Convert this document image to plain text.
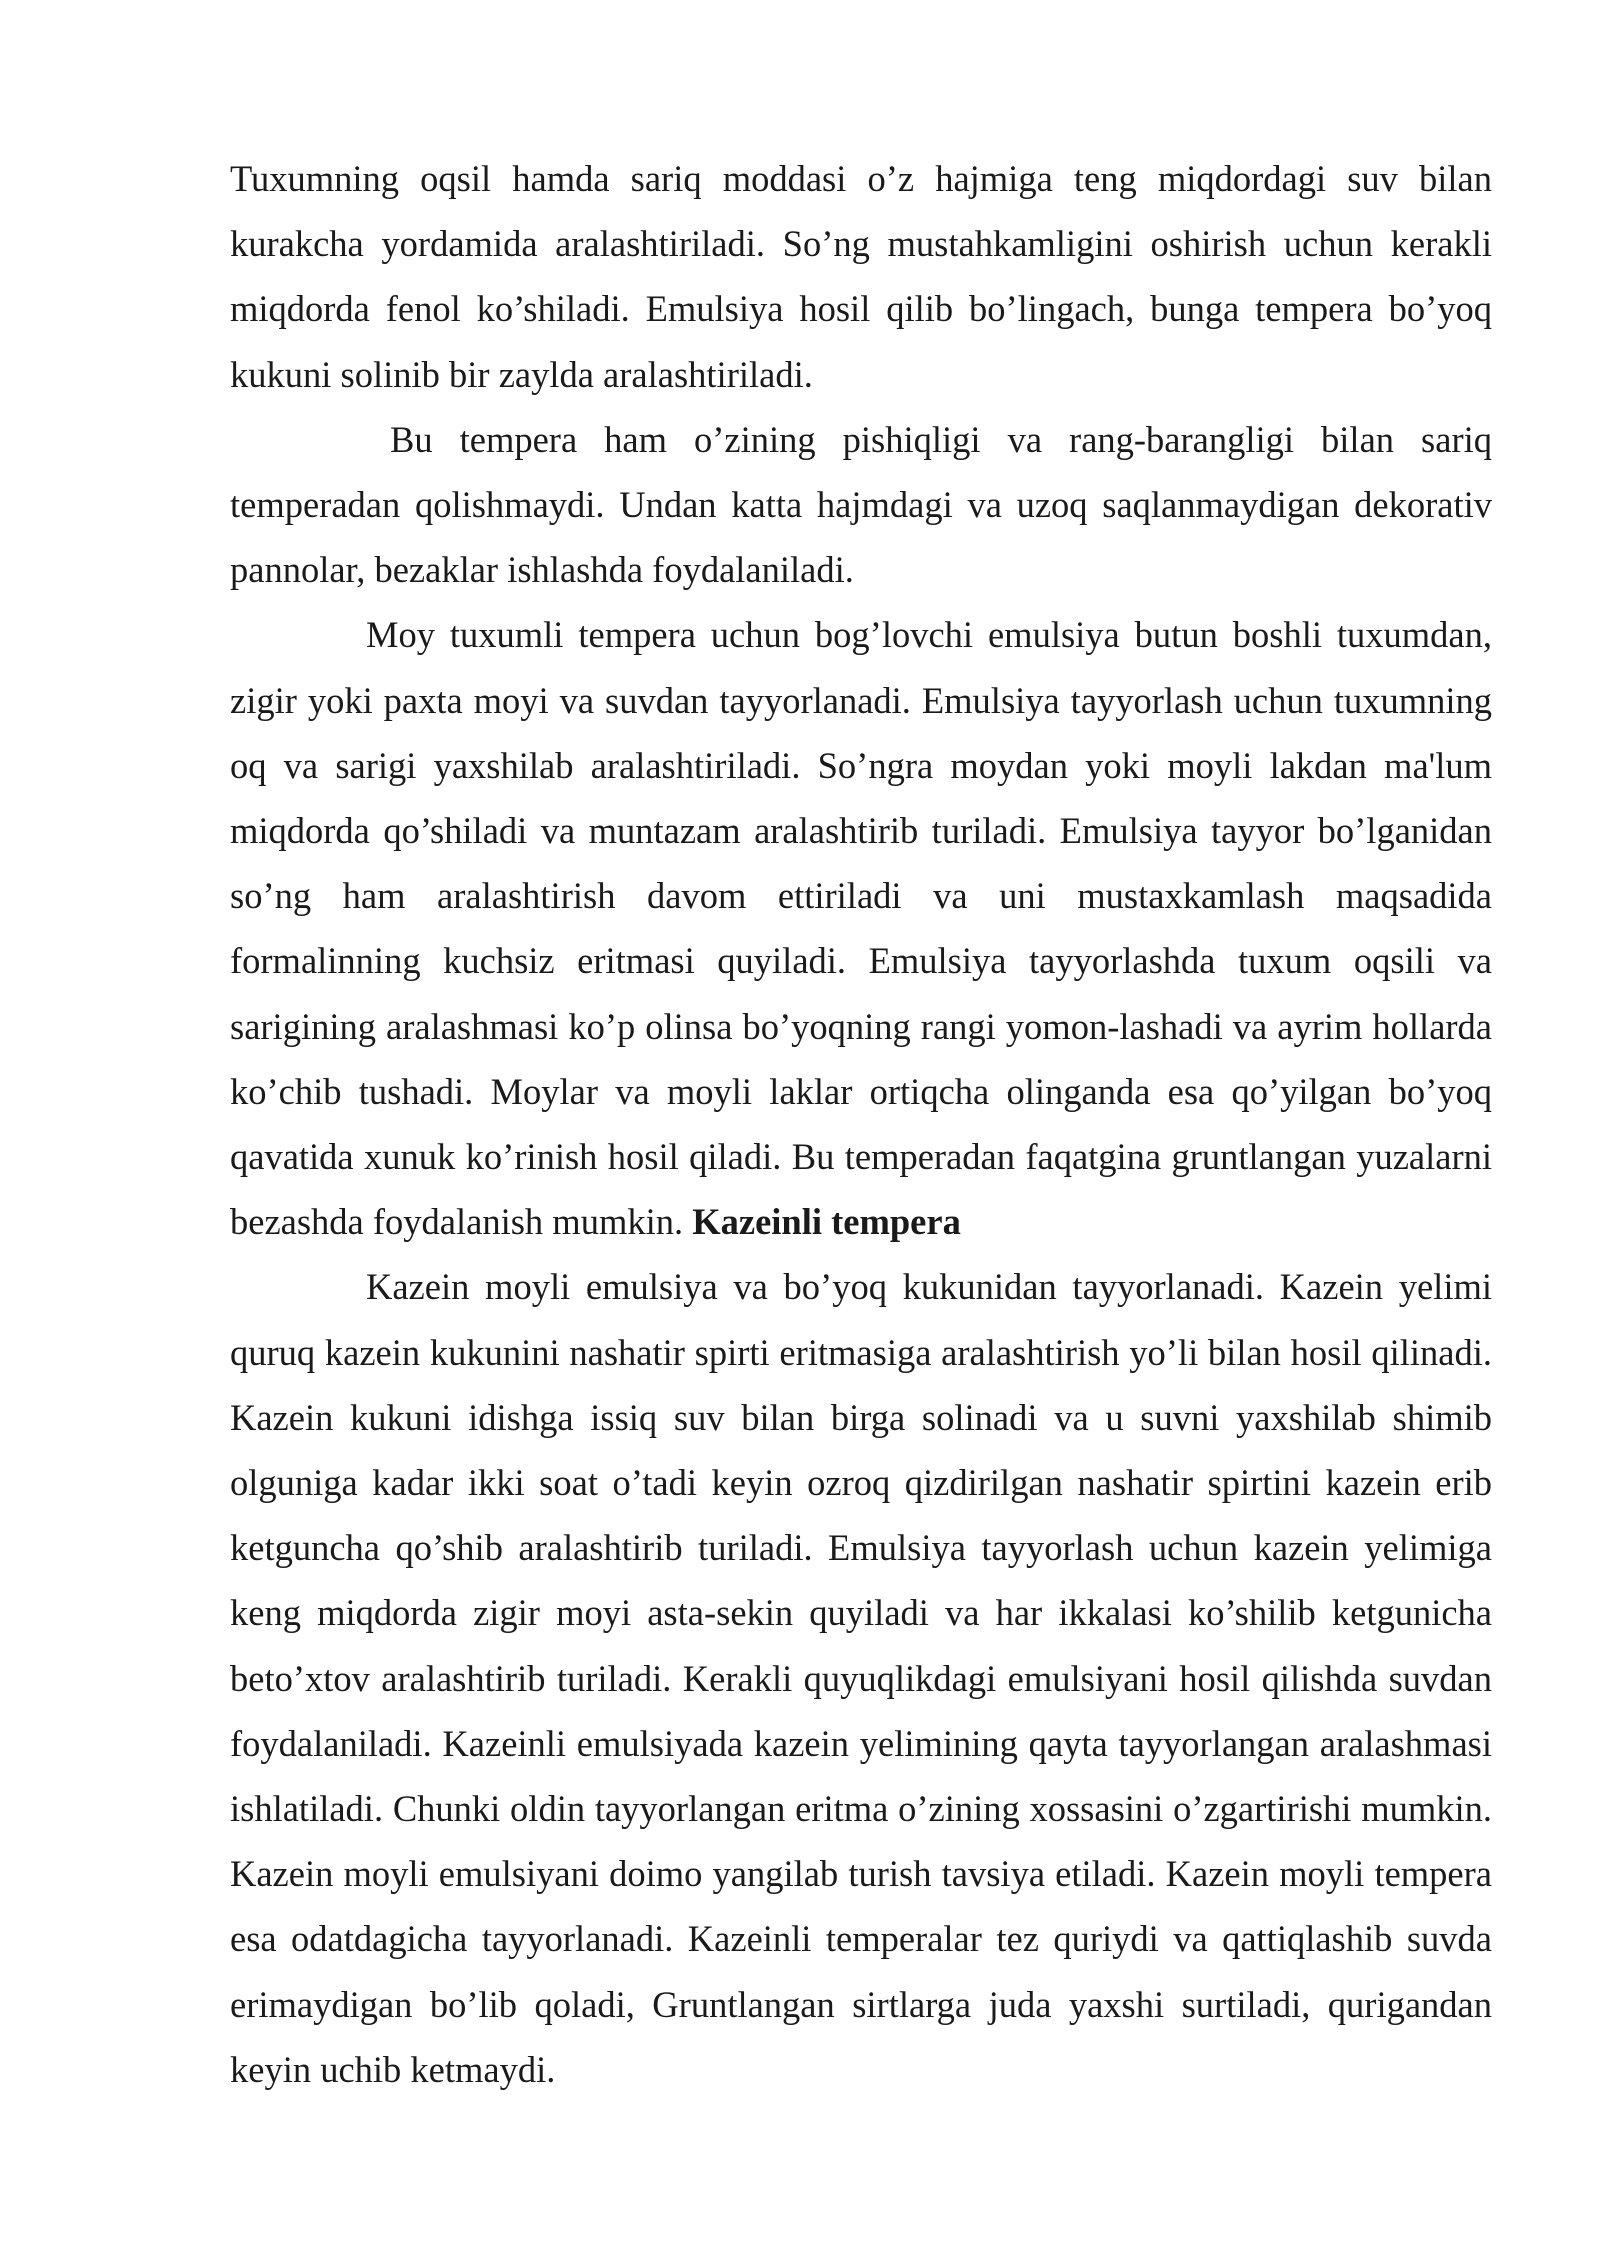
Tuxumning oqsil hamda sariq moddasi o’z hajmiga teng miqdordagi suv bilan kurakcha yordamida aralashtiriladi. So’ng mustahkamligini oshirish uchun kerakli miqdorda fenol ko’shiladi. Emulsiya hosil qilib bo’lingach, bunga tempera bo’yoq kukuni solinib bir zaylda aralashtiriladi.

Bu tempera ham o’zining pishiqligi va rang-barangligi bilan sariq temperadan qolishmaydi. Undan katta hajmdagi va uzoq saqlanmaydigan dekorativ pannolar, bezaklar ishlashda foydalaniladi.

Moy tuxumli tempera uchun bog’lovchi emulsiya butun boshli tuxumdan, zigir yoki paxta moyi va suvdan tayyorlanadi. Emulsiya tayyorlash uchun tuxumning oq va sarigi yaxshilab aralashtiriladi. So’ngra moydan yoki moyli lakdan ma'lum miqdorda qo’shiladi va muntazam aralashtirib turiladi. Emulsiya tayyor bo’lganidan so’ng ham aralashtirish davom ettiriladi va uni mustaxkamlash maqsadida formalinning kuchsiz eritmasi quyiladi. Emulsiya tayyorlashda tuxum oqsili va sarigining aralashmasi ko’p olinsa bo’yoqning rangi yomon-lashadi va ayrim hollarda ko’chib tushadi. Moylar va moyli laklar ortiqcha olinganda esa qo’yilgan bo’yoq qavatida xunuk ko’rinish hosil qiladi. Bu temperadan faqatgina gruntlangan yuzalarni bezashda foydalanish mumkin. Kazeinli tempera

Kazein moyli emulsiya va bo’yoq kukunidan tayyorlanadi. Kazein yelimi quruq kazein kukunini nashatir spirti eritmasiga aralashtirish yo’li bilan hosil qilinadi. Kazein kukuni idishga issiq suv bilan birga solinadi va u suvni yaxshilab shimib olguniga kadar ikki soat o’tadi keyin ozroq qizdirilgan nashatir spirtini kazein erib ketguncha qo’shib aralashtirib turiladi. Emulsiya tayyorlash uchun kazein yelimiga keng miqdorda zigir moyi asta-sekin quyiladi va har ikkalasi ko’shilib ketgunicha beto’xtov aralashtirib turiladi. Kerakli quyuqlikdagi emulsiyani hosil qilishda suvdan foydalaniladi. Kazeinli emulsiyada kazein yelimining qayta tayyorlangan aralashmasi ishlatiladi. Chunki oldin tayyorlangan eritma o’zining xossasini o’zgartirishi mumkin. Kazein moyli emulsiyani doimo yangilab turish tavsiya etiladi. Kazein moyli tempera esa odatdagicha tayyorlanadi. Kazeinli temperalar tez quriydi va qattiqlashib suvda erimaydigan bo’lib qoladi, Gruntlangan sirtlarga juda yaxshi surtiladi, qurigandan keyin uchib ketmaydi.
